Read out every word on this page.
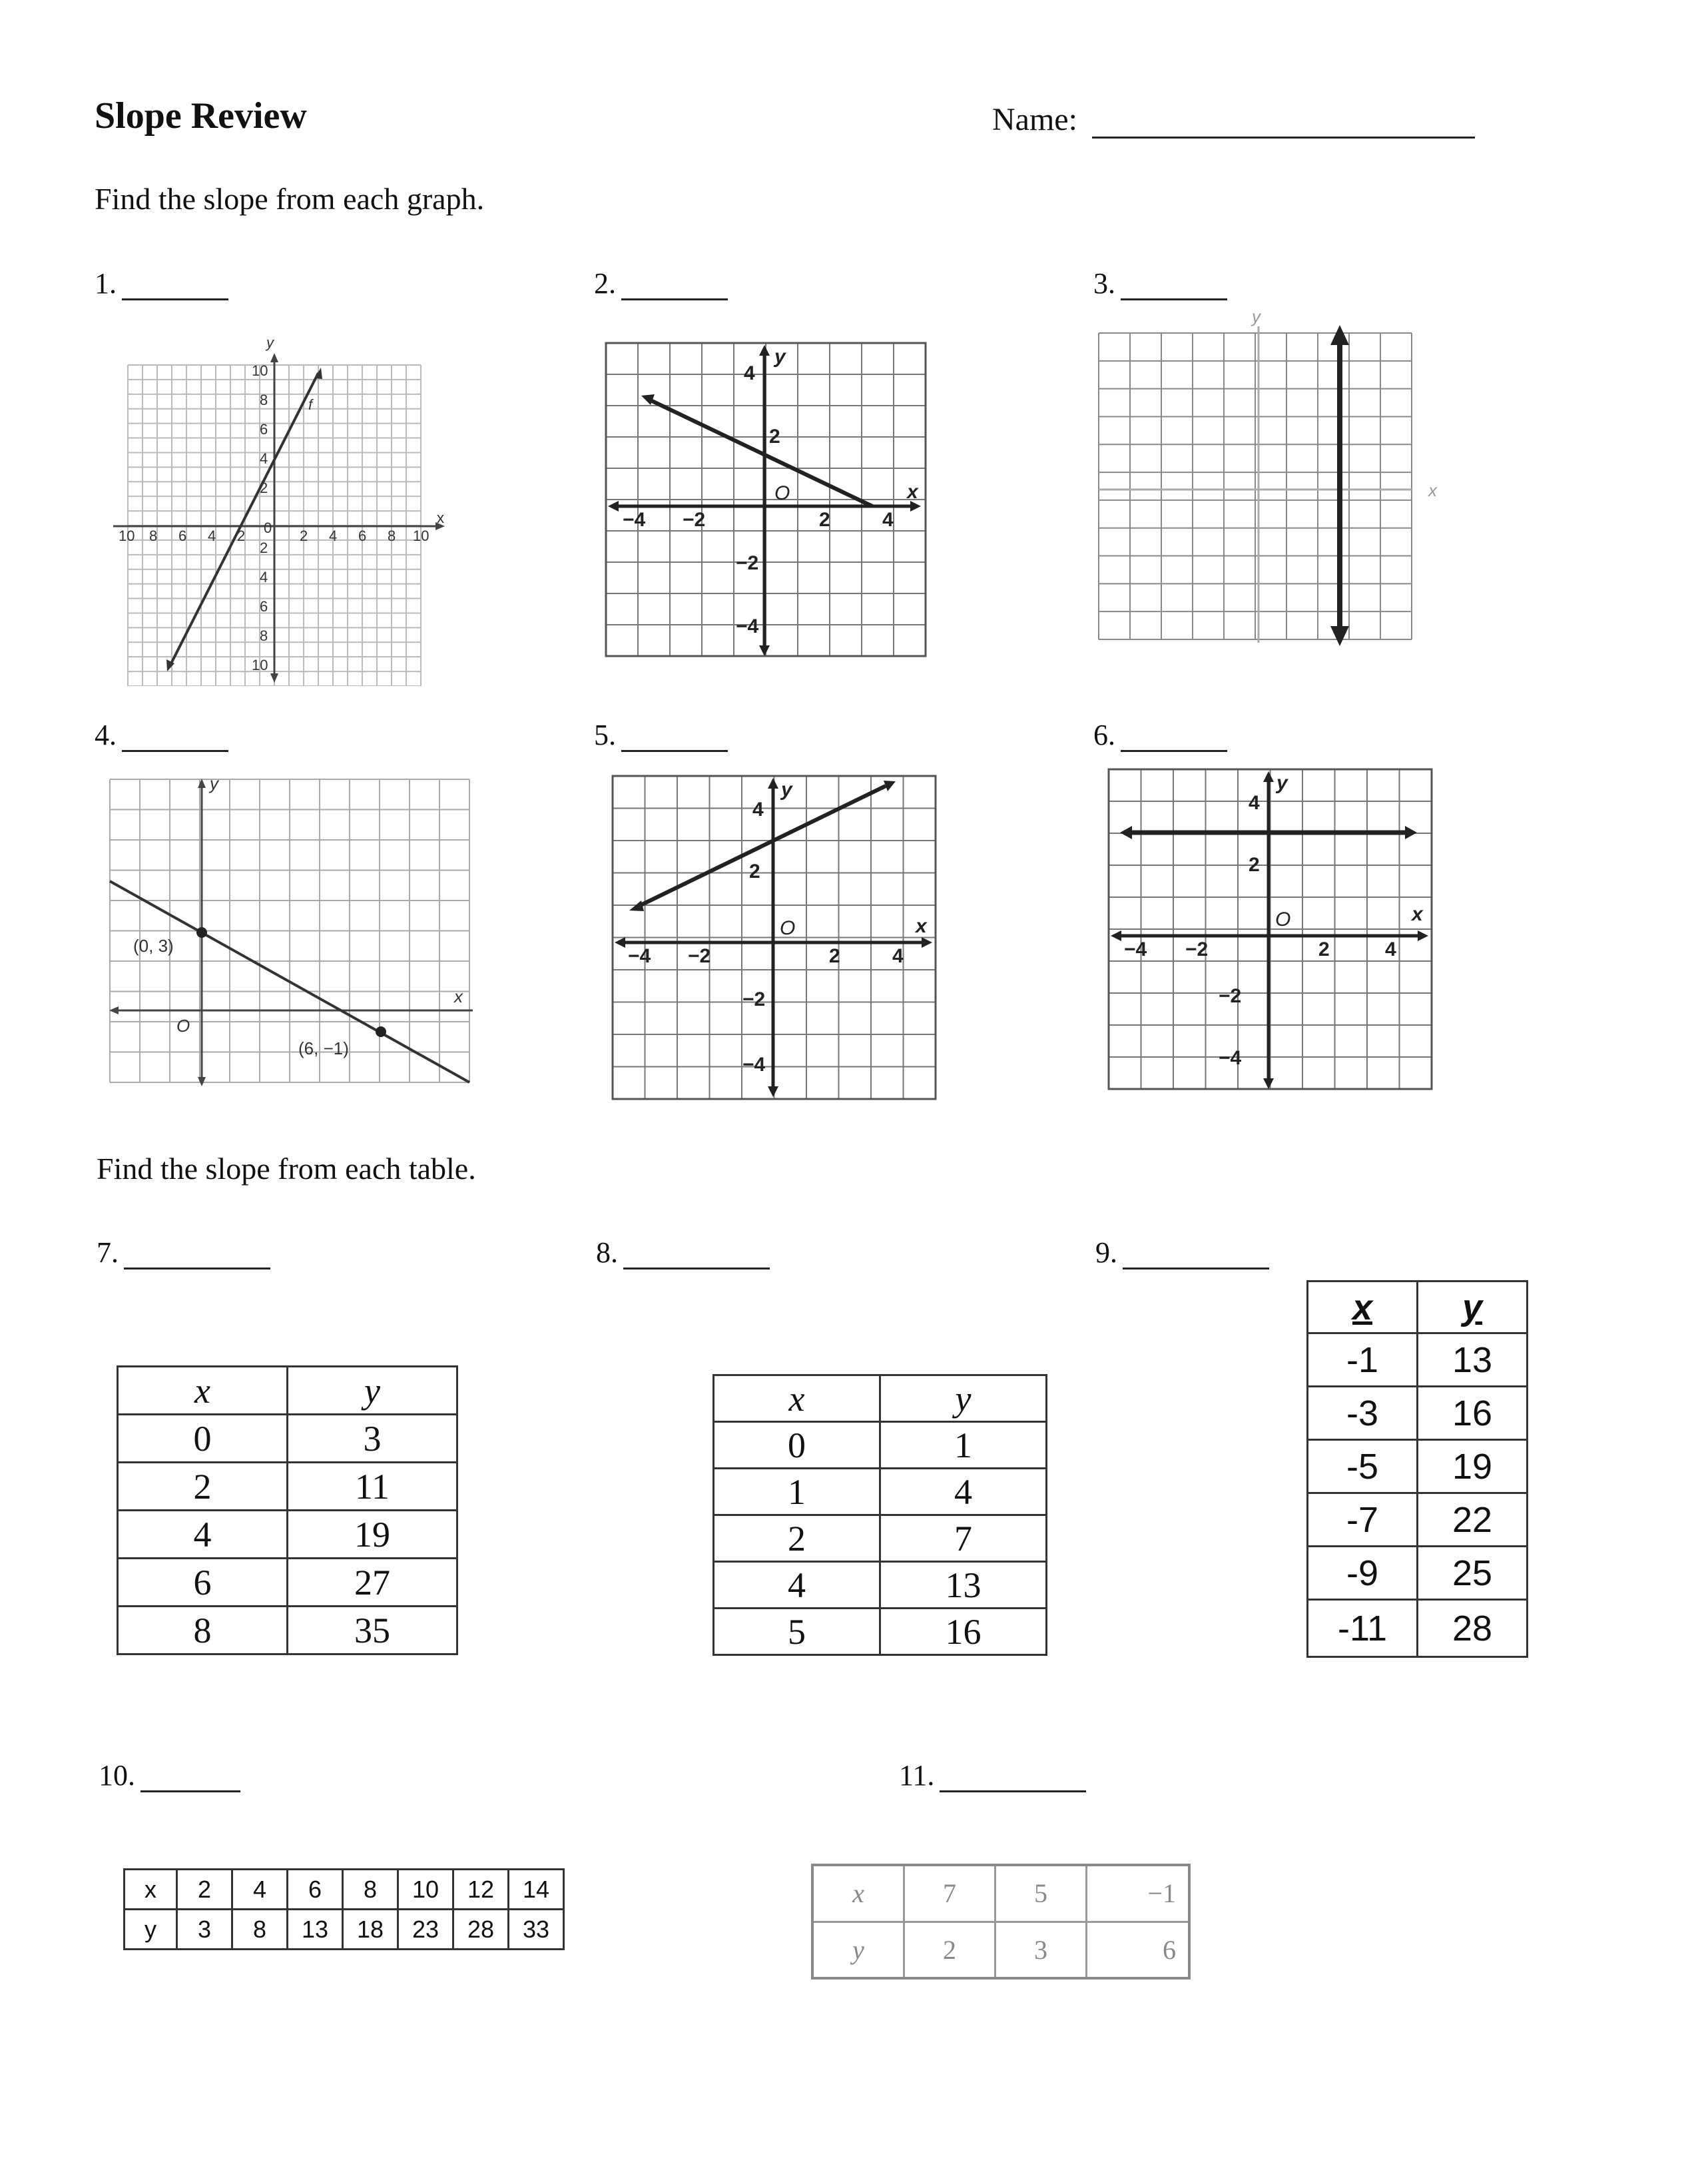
Slope Review	Name:
Find the slope from each graph.
1.	2.	3.
x
y
f
10 8 6 4 2 0 2 4 6 8 10
10
8
6
4
2
2
4
6
8
10
x
y
O
−4 −2	2	4
4
2
−2
−4
x
y
4.	5.	6.
x
y
O
(0, 3)
(6, −1)
x
y
O
−4 −2	2	4
4
2
−2
−4
x
y
O
−4 −2	2	4
4
2
−2
−4
Find the slope from each table.
7.	8.	9.
x	y
0	3
2	11
4	19
6	27
8	35
x	y
0	1
1	4
2	7
4	13
5	16
x	y
-1	13
-3	16
-5	19
-7	22
-9	25
-11	28
10.	11.
x	2	4	6	8	10	12	14
y	3	8	13	18	23	28	33
x	7	5	−1
y	2	3	6
